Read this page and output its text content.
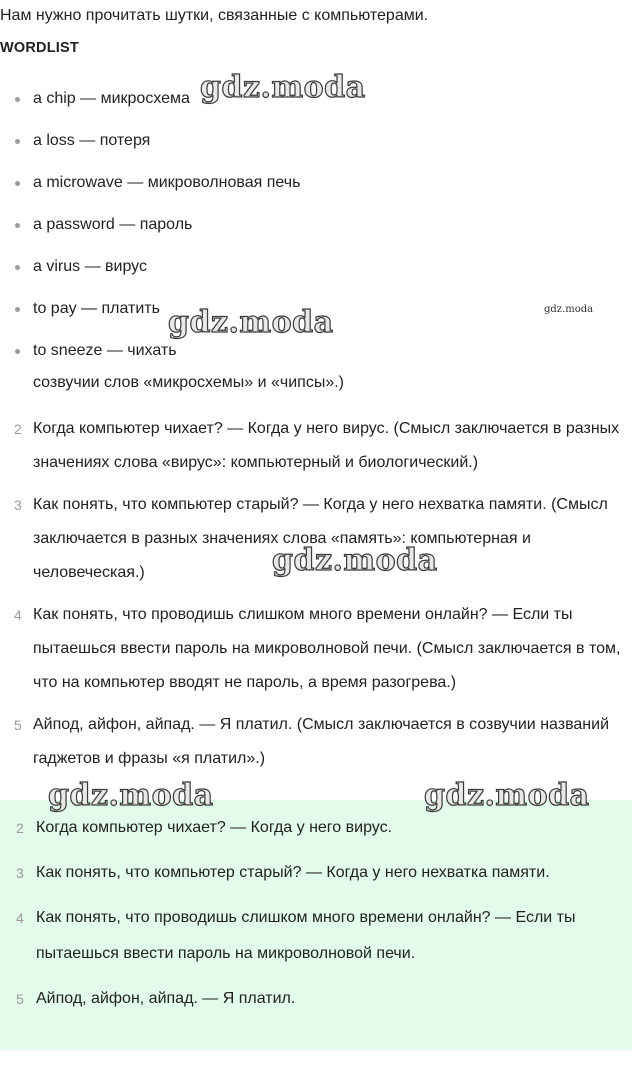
Нам нужно прочитать шутки, связанные с компьютерами.
WORDLIST
a chip — микросхема
a loss — потеря
a microwave — микроволновая печь
a password — пароль
a virus — вирус
to pay — платить
to sneeze — чихать
созвучии слов «микросхемы» и «чипсы».)
2 Когда компьютер чихает? — Когда у него вирус. (Смысл заключается в разных значениях слова «вирус»: компьютерный и биологический.)
3 Как понять, что компьютер старый? — Когда у него нехватка памяти. (Смысл заключается в разных значениях слова «память»: компьютерная и человеческая.)
4 Как понять, что проводишь слишком много времени онлайн? — Если ты пытаешься ввести пароль на микроволновой печи. (Смысл заключается в том, что на компьютер вводят не пароль, а время разогрева.)
5 Айпод, айфон, айпад. — Я платил. (Смысл заключается в созвучии названий гаджетов и фразы «я платил».)
2 Когда компьютер чихает? — Когда у него вирус.
3 Как понять, что компьютер старый? — Когда у него нехватка памяти.
4 Как понять, что проводишь слишком много времени онлайн? — Если ты пытаешься ввести пароль на микроволновой печи.
5 Айпод, айфон, айпад. — Я платил.
gdz.moda
gdz.moda	gdz.moda
gdz.moda
gdz.moda	gdz.moda
